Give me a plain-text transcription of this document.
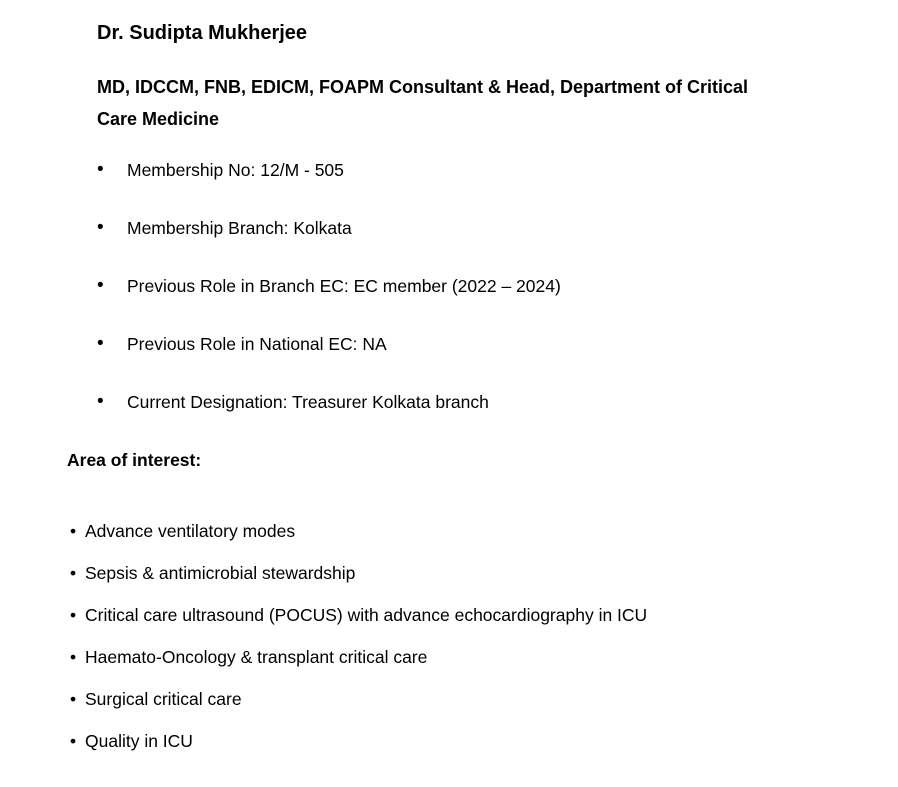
Dr. Sudipta Mukherjee
MD, IDCCM, FNB, EDICM, FOAPM Consultant & Head, Department of Critical Care Medicine
• Membership No: 12/M - 505
• Membership Branch: Kolkata
• Previous Role in Branch EC: EC member (2022 – 2024)
• Previous Role in National EC: NA
• Current Designation: Treasurer Kolkata branch
Area of interest:
• Advance ventilatory modes
• Sepsis & antimicrobial stewardship
• Critical care ultrasound (POCUS) with advance echocardiography in ICU
• Haemato-Oncology & transplant critical care
• Surgical critical care
• Quality in ICU
